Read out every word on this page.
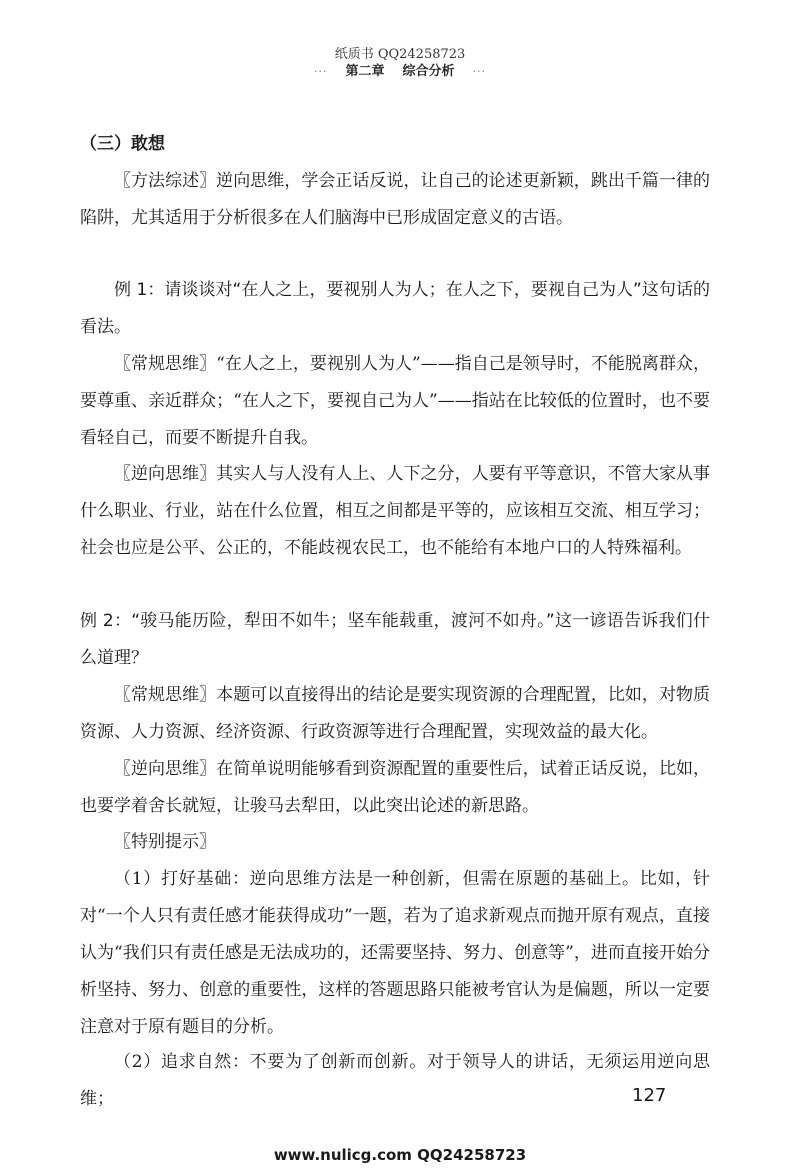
纸质书 QQ24258723
··· 第二章 综合分析 ···

（三）敢想

〖方法综述〗逆向思维，学会正话反说，让自己的论述更新颖，跳出千篇一律的陷阱，尤其适用于分析很多在人们脑海中已形成固定意义的古语。

例 1：请谈谈对“在人之上，要视别人为人；在人之下，要视自己为人”这句话的看法。

〖常规思维〗“在人之上，要视别人为人”——指自己是领导时，不能脱离群众，要尊重、亲近群众；“在人之下，要视自己为人”——指站在比较低的位置时，也不要看轻自己，而要不断提升自我。

〖逆向思维〗其实人与人没有人上、人下之分，人要有平等意识，不管大家从事什么职业、行业，站在什么位置，相互之间都是平等的，应该相互交流、相互学习；社会也应是公平、公正的，不能歧视农民工，也不能给有本地户口的人特殊福利。

例 2：“骏马能历险，犁田不如牛；坚车能载重，渡河不如舟。”这一谚语告诉我们什么道理？

〖常规思维〗本题可以直接得出的结论是要实现资源的合理配置，比如，对物质资源、人力资源、经济资源、行政资源等进行合理配置，实现效益的最大化。

〖逆向思维〗在简单说明能够看到资源配置的重要性后，试着正话反说，比如，也要学着舍长就短，让骏马去犁田，以此突出论述的新思路。

〖特别提示〗

（1）打好基础：逆向思维方法是一种创新，但需在原题的基础上。比如，针对“一个人只有责任感才能获得成功”一题，若为了追求新观点而抛开原有观点，直接认为“我们只有责任感是无法成功的，还需要坚持、努力、创意等”，进而直接开始分析坚持、努力、创意的重要性，这样的答题思路只能被考官认为是偏题，所以一定要注意对于原有题目的分析。

（2）追求自然：不要为了创新而创新。对于领导人的讲话，无须运用逆向思维；	127
www.nulicg.com QQ24258723
